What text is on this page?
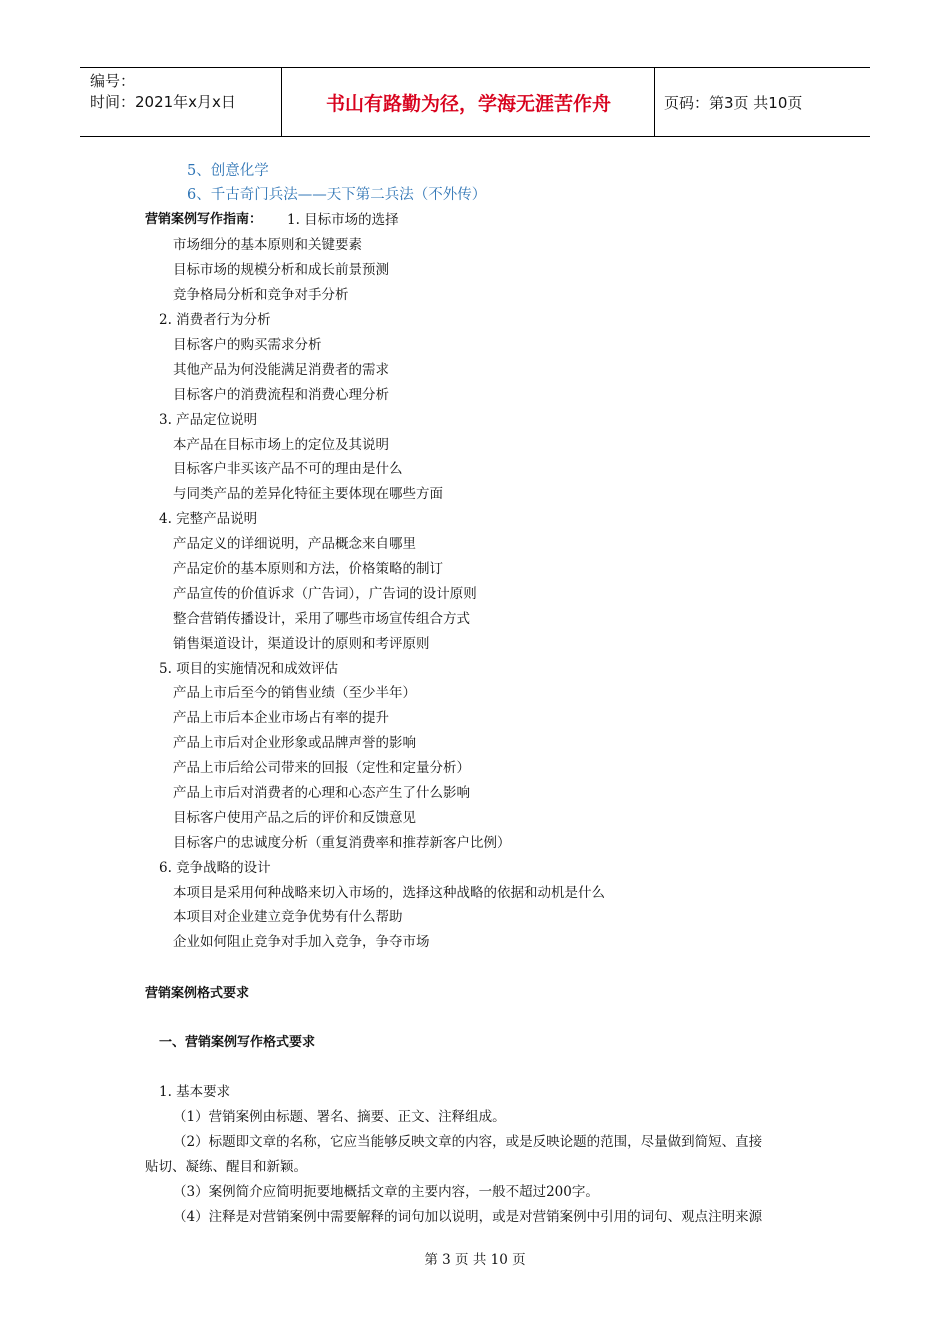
编号：
时间：2021年x月x日	书山有路勤为径，学海无涯苦作舟	页码：第3页 共10页
5、创意化学
6、千古奇门兵法——天下第二兵法（不外传）
营销案例写作指南： 1. 目标市场的选择
市场细分的基本原则和关键要素
目标市场的规模分析和成长前景预测
竞争格局分析和竞争对手分析
2. 消费者行为分析
目标客户的购买需求分析
其他产品为何没能满足消费者的需求
目标客户的消费流程和消费心理分析
3. 产品定位说明
本产品在目标市场上的定位及其说明
目标客户非买该产品不可的理由是什么
与同类产品的差异化特征主要体现在哪些方面
4. 完整产品说明
产品定义的详细说明，产品概念来自哪里
产品定价的基本原则和方法，价格策略的制订
产品宣传的价值诉求（广告词），广告词的设计原则
整合营销传播设计，采用了哪些市场宣传组合方式
销售渠道设计，渠道设计的原则和考评原则
5. 项目的实施情况和成效评估
产品上市后至今的销售业绩（至少半年）
产品上市后本企业市场占有率的提升
产品上市后对企业形象或品牌声誉的影响
产品上市后给公司带来的回报（定性和定量分析）
产品上市后对消费者的心理和心态产生了什么影响
目标客户使用产品之后的评价和反馈意见
目标客户的忠诚度分析（重复消费率和推荐新客户比例）
6. 竞争战略的设计
本项目是采用何种战略来切入市场的，选择这种战略的依据和动机是什么
本项目对企业建立竞争优势有什么帮助
企业如何阻止竞争对手加入竞争，争夺市场
营销案例格式要求
一、营销案例写作格式要求
1. 基本要求
（1）营销案例由标题、署名、摘要、正文、注释组成。
（2）标题即文章的名称，它应当能够反映文章的内容，或是反映论题的范围，尽量做到简短、直接
贴切、凝练、醒目和新颖。
（3）案例简介应简明扼要地概括文章的主要内容，一般不超过200字。
（4）注释是对营销案例中需要解释的词句加以说明，或是对营销案例中引用的词句、观点注明来源
第 3 页 共 10 页
